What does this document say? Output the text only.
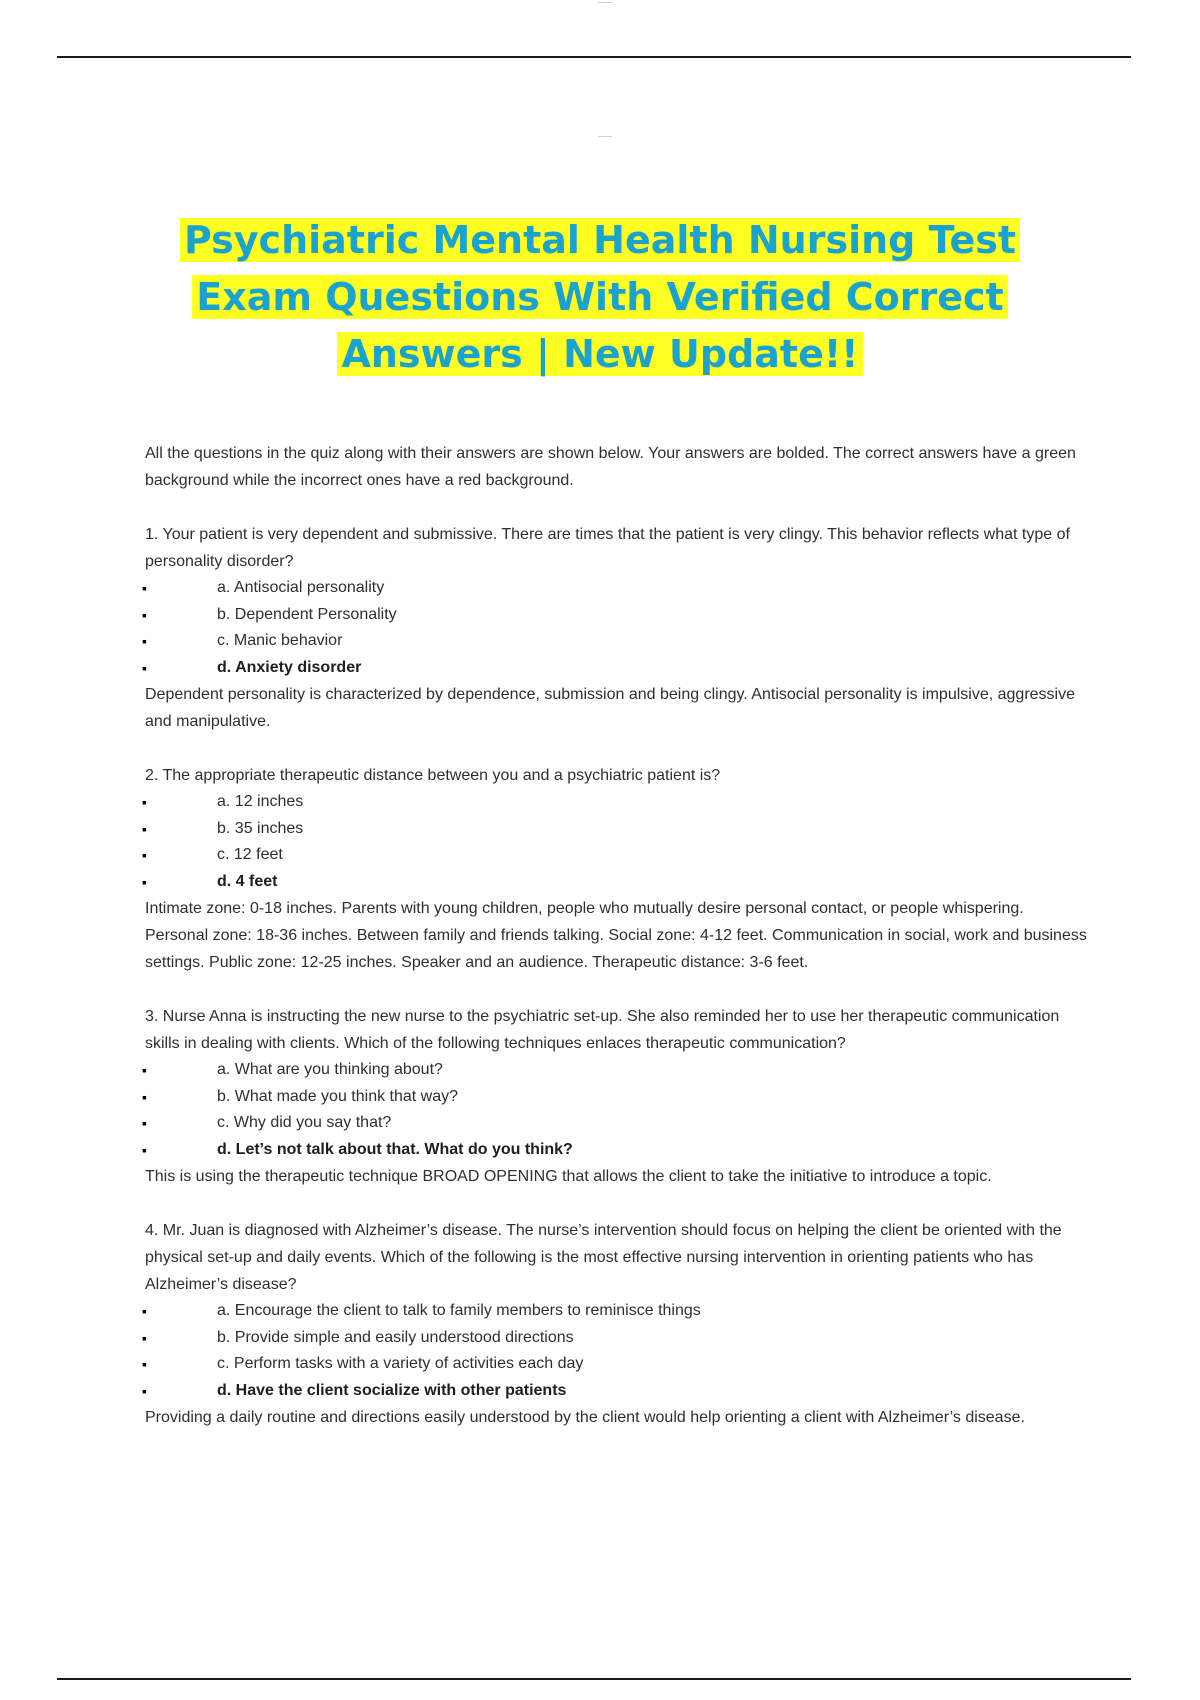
Psychiatric Mental Health Nursing Test Exam Questions With Verified Correct Answers | New Update!!

All the questions in the quiz along with their answers are shown below. Your answers are bolded. The correct answers have a green background while the incorrect ones have a red background.

1. Your patient is very dependent and submissive. There are times that the patient is very clingy. This behavior reflects what type of personality disorder?

▪	a. Antisocial personality
▪	b. Dependent Personality
▪	c. Manic behavior
▪	d. Anxiety disorder

Dependent personality is characterized by dependence, submission and being clingy. Antisocial personality is impulsive, aggressive and manipulative.

2. The appropriate therapeutic distance between you and a psychiatric patient is?

▪	a. 12 inches
▪	b. 35 inches
▪	c. 12 feet
▪	d. 4 feet

Intimate zone: 0-18 inches. Parents with young children, people who mutually desire personal contact, or people whispering. Personal zone: 18-36 inches. Between family and friends talking. Social zone: 4-12 feet. Communication in social, work and business settings. Public zone: 12-25 inches. Speaker and an audience. Therapeutic distance: 3-6 feet.

3. Nurse Anna is instructing the new nurse to the psychiatric set-up. She also reminded her to use her therapeutic communication skills in dealing with clients. Which of the following techniques enlaces therapeutic communication?

▪	a. What are you thinking about?
▪	b. What made you think that way?
▪	c. Why did you say that?
▪	d. Let’s not talk about that. What do you think?

This is using the therapeutic technique BROAD OPENING that allows the client to take the initiative to introduce a topic.

4. Mr. Juan is diagnosed with Alzheimer’s disease. The nurse’s intervention should focus on helping the client be oriented with the physical set-up and daily events. Which of the following is the most effective nursing intervention in orienting patients who has Alzheimer’s disease?

▪	a. Encourage the client to talk to family members to reminisce things
▪	b. Provide simple and easily understood directions
▪	c. Perform tasks with a variety of activities each day
▪	d. Have the client socialize with other patients

Providing a daily routine and directions easily understood by the client would help orienting a client with Alzheimer’s disease.
